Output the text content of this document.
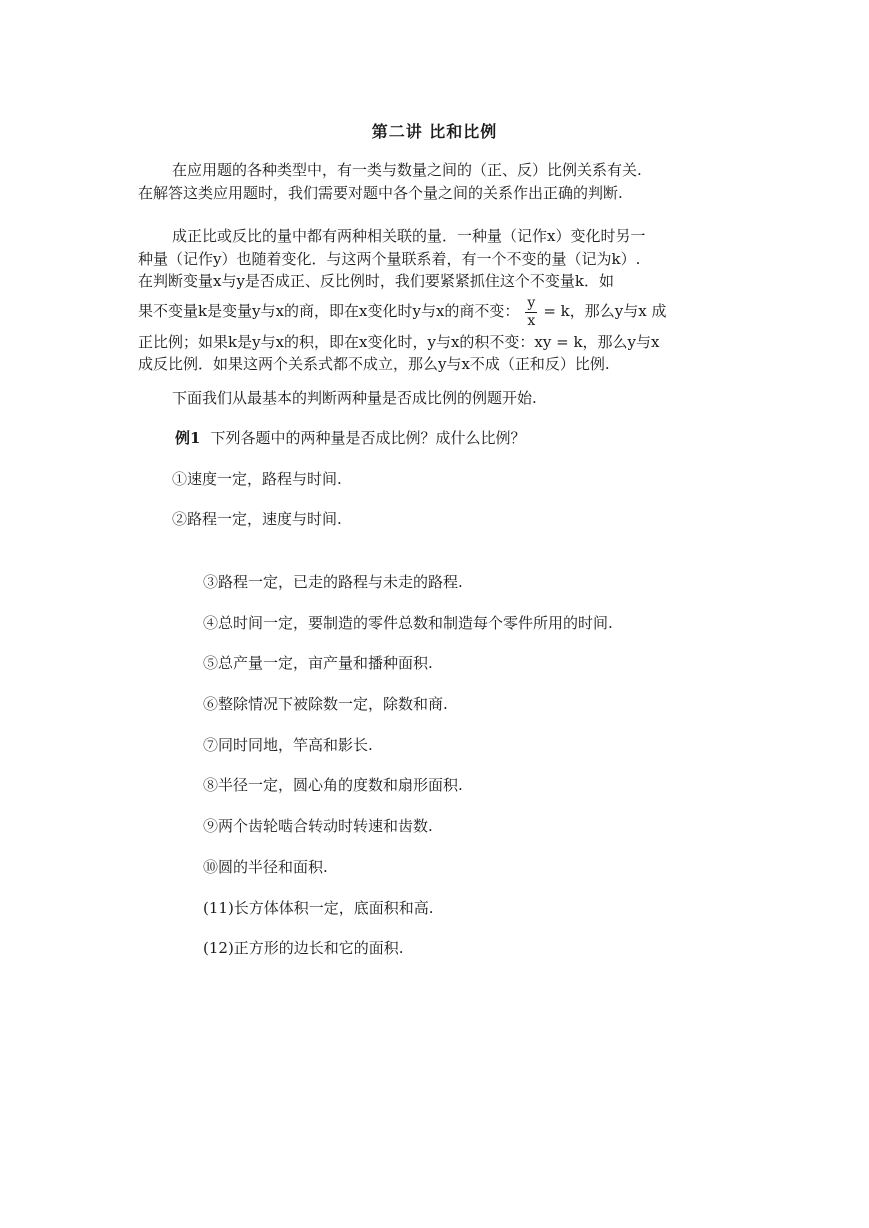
第二讲 比和比例
在应用题的各种类型中，有一类与数量之间的（正、反）比例关系有关.
在解答这类应用题时，我们需要对题中各个量之间的关系作出正确的判断.
成正比或反比的量中都有两种相关联的量．一种量（记作x）变化时另一
种量（记作y）也随着变化．与这两个量联系着，有一个不变的量（记为k）.
在判断变量x与y是否成正、反比例时，我们要紧紧抓住这个不变量k．如
果不变量k是变量y与x的商，即在x变化时y与x的商不变： $\frac{y}{x} = k$，那么y与x 成
正比例；如果k是y与x的积，即在x变化时，y与x的积不变：xy = k，那么y与x
成反比例．如果这两个关系式都不成立，那么y与x不成（正和反）比例.
下面我们从最基本的判断两种量是否成比例的例题开始.
例1 下列各题中的两种量是否成比例？成什么比例？
①速度一定，路程与时间.
②路程一定，速度与时间.
③路程一定，已走的路程与未走的路程.
④总时间一定，要制造的零件总数和制造每个零件所用的时间.
⑤总产量一定，亩产量和播种面积.
⑥整除情况下被除数一定，除数和商.
⑦同时同地，竿高和影长.
⑧半径一定，圆心角的度数和扇形面积.
⑨两个齿轮啮合转动时转速和齿数.
⑩圆的半径和面积.
(11)长方体体积一定，底面积和高.
(12)正方形的边长和它的面积.
